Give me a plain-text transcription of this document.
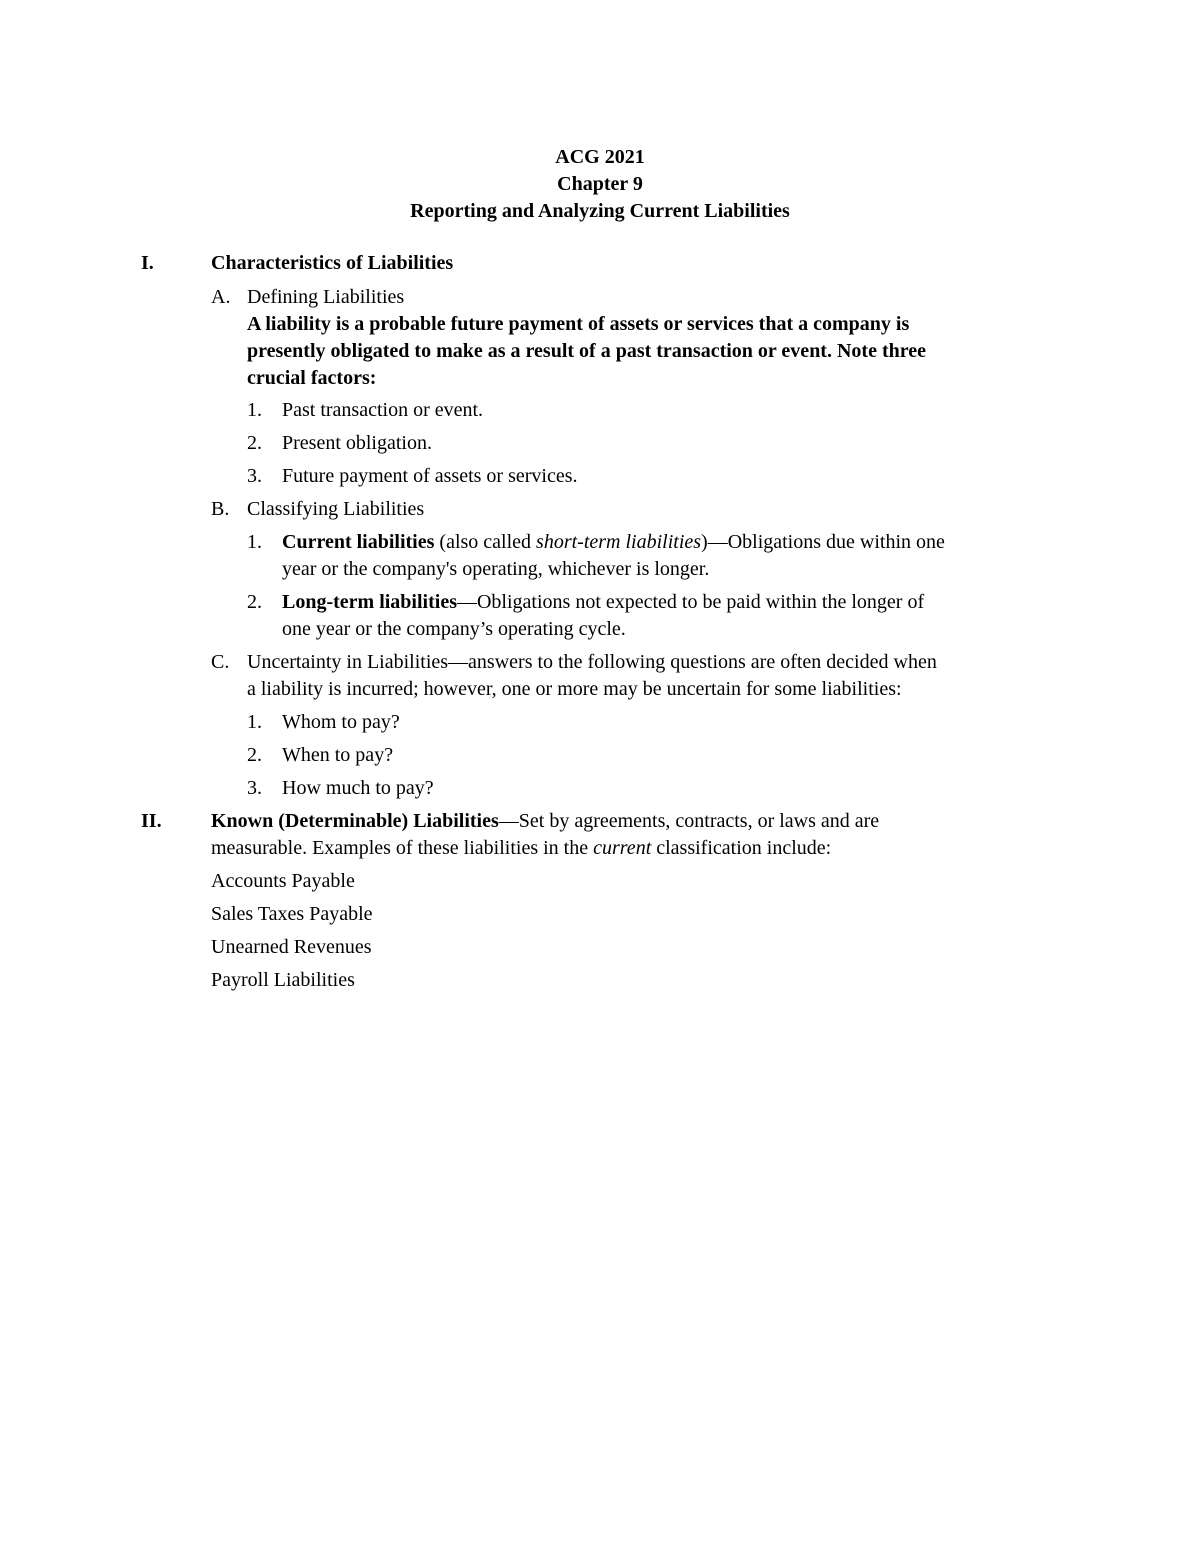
ACG 2021
Chapter 9
Reporting and Analyzing Current Liabilities
I.	Characteristics of Liabilities
A. Defining Liabilities
A liability is a probable future payment of assets or services that a company is
presently obligated to make as a result of a past transaction or event. Note three
crucial factors:
1. Past transaction or event.
2. Present obligation.
3. Future payment of assets or services.
B. Classifying Liabilities
1. Current liabilities (also called short-term liabilities)—Obligations due within one
year or the company's operating, whichever is longer.
2. Long-term liabilities—Obligations not expected to be paid within the longer of
one year or the company’s operating cycle.
C. Uncertainty in Liabilities—answers to the following questions are often decided when
a liability is incurred; however, one or more may be uncertain for some liabilities:
1. Whom to pay?
2. When to pay?
3. How much to pay?
II. Known (Determinable) Liabilities—Set by agreements, contracts, or laws and are
measurable. Examples of these liabilities in the current classification include:
Accounts Payable
Sales Taxes Payable
Unearned Revenues
Payroll Liabilities
